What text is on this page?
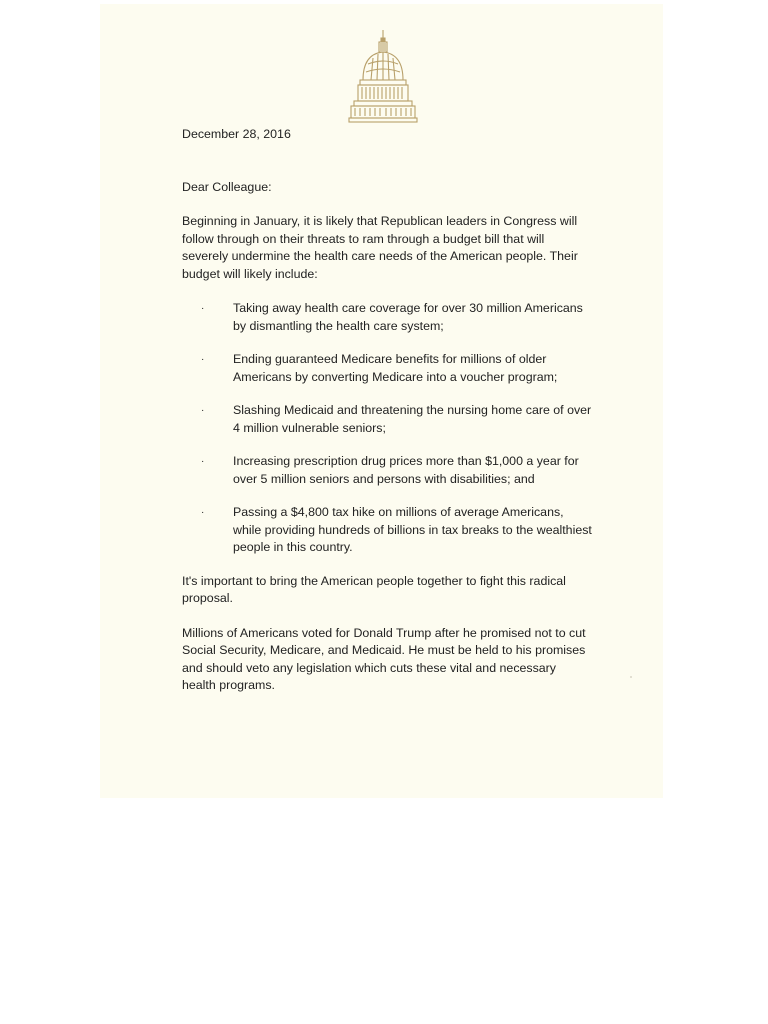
December 28, 2016

Dear Colleague:

Beginning in January, it is likely that Republican leaders in Congress will follow through on their threats to ram through a budget bill that will severely undermine the health care needs of the American people. Their budget will likely include:

· Taking away health care coverage for over 30 million Americans by dismantling the health care system;
· Ending guaranteed Medicare benefits for millions of older Americans by converting Medicare into a voucher program;
· Slashing Medicaid and threatening the nursing home care of over 4 million vulnerable seniors;
· Increasing prescription drug prices more than $1,000 a year for over 5 million seniors and persons with disabilities; and
· Passing a $4,800 tax hike on millions of average Americans, while providing hundreds of billions in tax breaks to the wealthiest people in this country.

It's important to bring the American people together to fight this radical proposal.

Millions of Americans voted for Donald Trump after he promised not to cut Social Security, Medicare, and Medicaid. He must be held to his promises and should veto any legislation which cuts these vital and necessary health programs.
